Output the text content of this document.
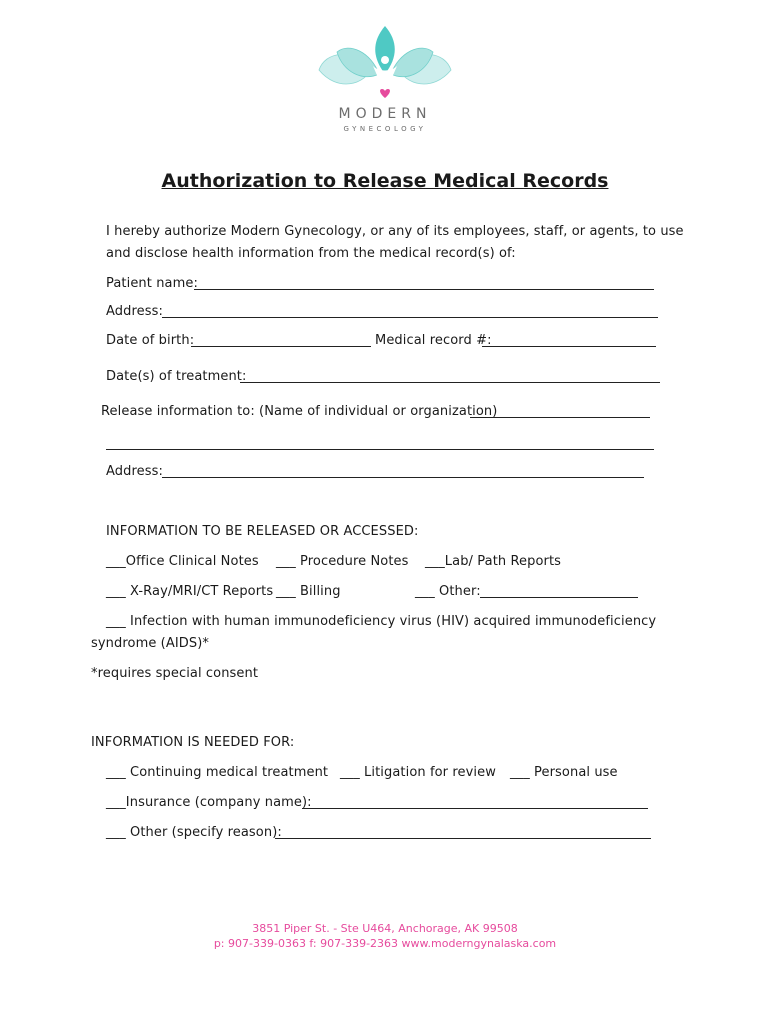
MODERN
GYNECOLOGY
Authorization to Release Medical Records
I hereby authorize Modern Gynecology, or any of its employees, staff, or agents, to use
and disclose health information from the medical record(s) of:
Patient name:
Address:
Date of birth:	Medical record #:
Date(s) of treatment:
Release information to: (Name of individual or organization)
Address:
INFORMATION TO BE RELEASED OR ACCESSED:
___Office Clinical Notes ___ Procedure Notes ___Lab/ Path Reports
___ X-Ray/MRI/CT Reports ___ Billing	___ Other:
___ Infection with human immunodeficiency virus (HIV) acquired immunodeficiency
syndrome (AIDS)*
*requires special consent
INFORMATION IS NEEDED FOR:
___ Continuing medical treatment ___ Litigation for review ___ Personal use
___Insurance (company name):
___ Other (specify reason):
3851 Piper St. - Ste U464, Anchorage, AK 99508
p: 907-339-0363 f: 907-339-2363 www.moderngynalaska.com
